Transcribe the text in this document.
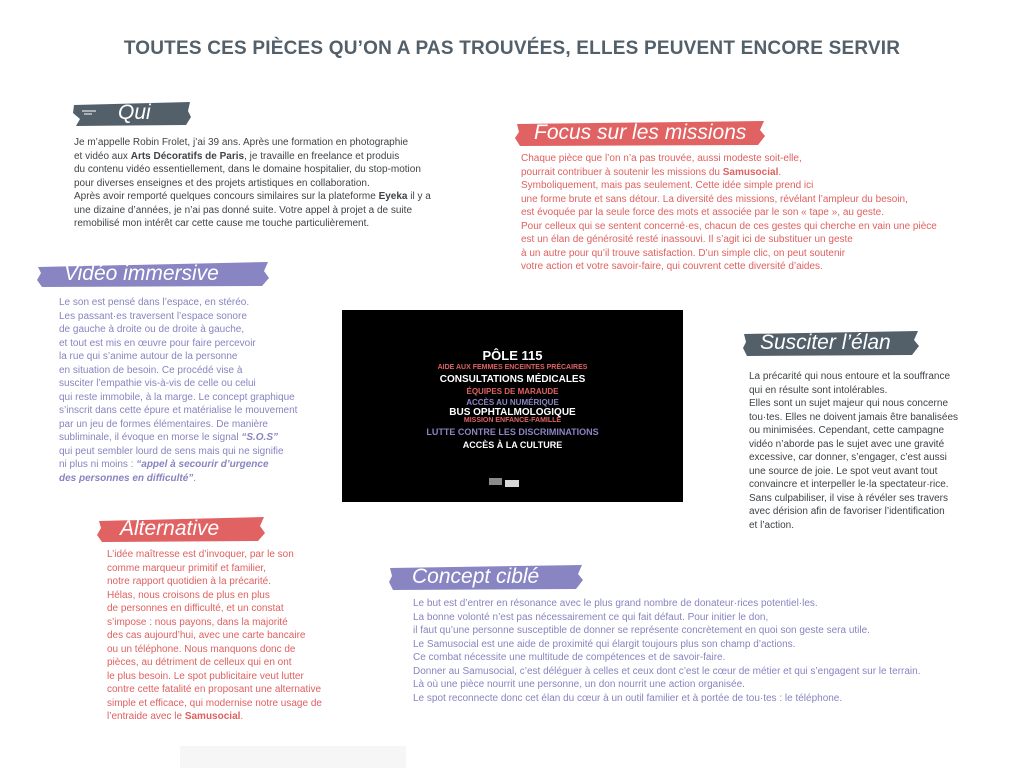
TOUTES CES PIÈCES QU’ON A PAS TROUVÉES, ELLES PEUVENT ENCORE SERVIR
Qui
Je m’appelle Robin Frolet, j’ai 39 ans. Après une formation en photographie
et vidéo aux Arts Décoratifs de Paris, je travaille en freelance et produis
du contenu vidéo essentiellement, dans le domaine hospitalier, du stop-motion
pour diverses enseignes et des projets artistiques en collaboration.
Après avoir remporté quelques concours similaires sur la plateforme Eyeka il y a
une dizaine d’années, je n’ai pas donné suite. Votre appel à projet a de suite
remobilisé mon intérêt car cette cause me touche particulièrement.
Focus sur les missions
Chaque pièce que l’on n’a pas trouvée, aussi modeste soit-elle,
pourrait contribuer à soutenir les missions du Samusocial.
Symboliquement, mais pas seulement. Cette idée simple prend ici
une forme brute et sans détour. La diversité des missions, révélant l’ampleur du besoin,
est évoquée par la seule force des mots et associée par le son « tape », au geste.
Pour celleux qui se sentent concerné·es, chacun de ces gestes qui cherche en vain une pièce
est un élan de générosité resté inassouvi. Il s’agit ici de substituer un geste
à un autre pour qu’il trouve satisfaction. D’un simple clic, on peut soutenir
votre action et votre savoir-faire, qui couvrent cette diversité d’aides.
Vidéo immersive
Le son est pensé dans l’espace, en stéréo.
Les passant·es traversent l’espace sonore
de gauche à droite ou de droite à gauche,
et tout est mis en œuvre pour faire percevoir
la rue qui s’anime autour de la personne
en situation de besoin. Ce procédé vise à
susciter l’empathie vis-à-vis de celle ou celui
qui reste immobile, à la marge. Le concept graphique
s’inscrit dans cette épure et matérialise le mouvement
par un jeu de formes élémentaires. De manière
subliminale, il évoque en morse le signal “S.O.S”
qui peut sembler lourd de sens mais qui ne signifie
ni plus ni moins : “appel à secourir d’urgence
des personnes en difficulté”.
PÔLE 115
AIDE AUX FEMMES ENCEINTES PRÉCAIRES
CONSULTATIONS MÉDICALES
ÉQUIPES DE MARAUDE
ACCÈS AU NUMÉRIQUE
BUS OPHTALMOLOGIQUE
MISSION ENFANCE-FAMILLE
LUTTE CONTRE LES DISCRIMINATIONS
ACCÈS À LA CULTURE
Susciter l’élan
La précarité qui nous entoure et la souffrance
qui en résulte sont intolérables.
Elles sont un sujet majeur qui nous concerne
tou·tes. Elles ne doivent jamais être banalisées
ou minimisées. Cependant, cette campagne
vidéo n’aborde pas le sujet avec une gravité
excessive, car donner, s’engager, c’est aussi
une source de joie. Le spot veut avant tout
convaincre et interpeller le·la spectateur·rice.
Sans culpabiliser, il vise à révéler ses travers
avec dérision afin de favoriser l’identification
et l’action.
Alternative
L’idée maîtresse est d’invoquer, par le son
comme marqueur primitif et familier,
notre rapport quotidien à la précarité.
Hélas, nous croisons de plus en plus
de personnes en difficulté, et un constat
s’impose : nous payons, dans la majorité
des cas aujourd’hui, avec une carte bancaire
ou un téléphone. Nous manquons donc de
pièces, au détriment de celleux qui en ont
le plus besoin. Le spot publicitaire veut lutter
contre cette fatalité en proposant une alternative
simple et efficace, qui modernise notre usage de
l’entraide avec le Samusocial.
Concept ciblé
Le but est d’entrer en résonance avec le plus grand nombre de donateur·rices potentiel·les.
La bonne volonté n’est pas nécessairement ce qui fait défaut. Pour initier le don,
il faut qu’une personne susceptible de donner se représente concrètement en quoi son geste sera utile.
Le Samusocial est une aide de proximité qui élargit toujours plus son champ d’actions.
Ce combat nécessite une multitude de compétences et de savoir-faire.
Donner au Samusocial, c’est déléguer à celles et ceux dont c’est le cœur de métier et qui s’engagent sur le terrain.
Là où une pièce nourrit une personne, un don nourrit une action organisée.
Le spot reconnecte donc cet élan du cœur à un outil familier et à portée de tou·tes : le téléphone.
